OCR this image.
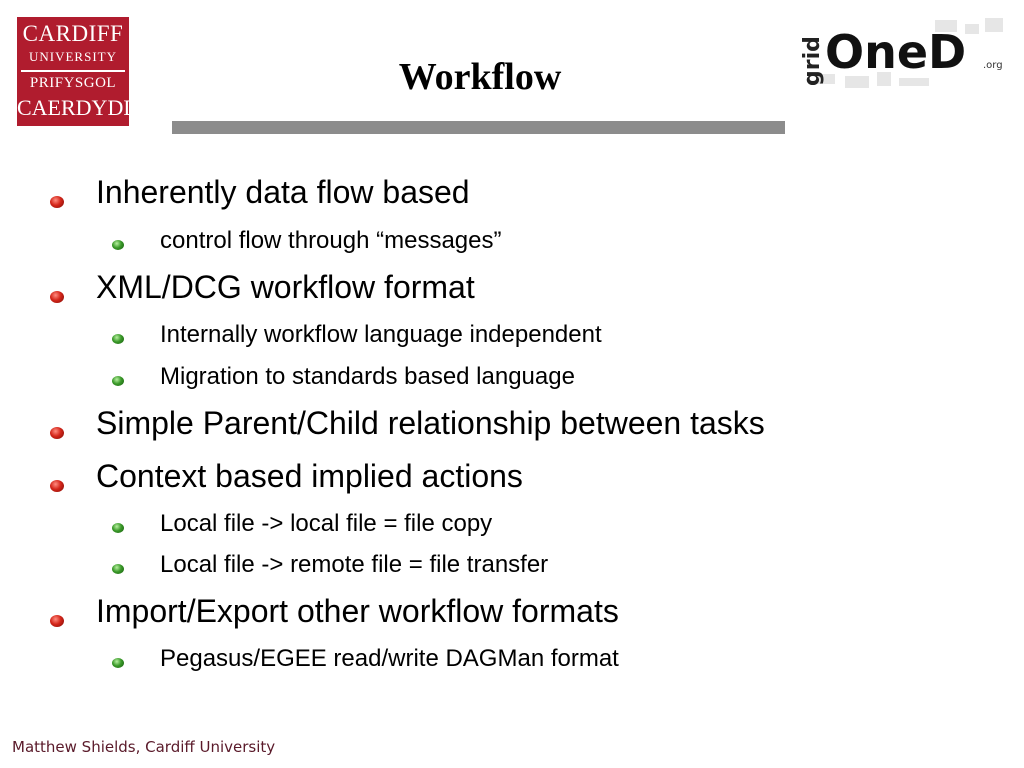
CARDIFF
UNIVERSITY
PRIFYSGOL
CAERDYDD
Workflow	grid OneD .org
Inherently data flow based
control flow through “messages”
XML/DCG workflow format
Internally workflow language independent
Migration to standards based language
Simple Parent/Child relationship between tasks
Context based implied actions
Local file -> local file = file copy
Local file -> remote file = file transfer
Import/Export other workflow formats
Pegasus/EGEE read/write DAGMan format
Matthew Shields, Cardiff University
